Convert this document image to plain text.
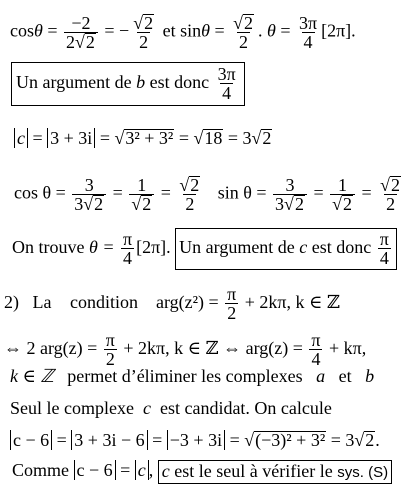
$\cos\theta = \frac{-2}{2√2}$ = − $\frac{√2}{2}$ et $\sin\theta = \frac{√2}{2}$ . $\theta = \frac{3\pi}{4} [2\pi]$.
Un argument de b est donc $\frac{3\pi}{4}$
c = 3 + 3i = √3² + 3² = √18 = 3√2
$\cos \theta = \frac{3}{3√2} = \frac{1}{√2} = \frac{√2}{2}$ $\sin \theta = \frac{3}{3√2} = \frac{1}{√2} = \frac{√2}{2}$
On trouve $\theta = \frac{\pi}{4} [2\pi]$. Un argument de c est donc $\frac{\pi}{4}$
2) La condition $arg(z^2) = \frac{\pi}{2} + 2k\pi$, k ∈ ℤ
⇔ 2 $arg(z) = \frac{\pi}{2} + 2k\pi$, k ∈ ℤ ⇔ $arg(z) = \frac{\pi}{4} + k\pi$,
k ∈ ℤ permet d’éliminer les complexes a et b
Seul le complexe c est candidat. On calcule
c − 6 = 3 + 3i − 6 = −3 + 3i = √(−3)² + 3² = 3√2.
Comme c − 6 = c , c est le seul à vérifier le sys. (S)
